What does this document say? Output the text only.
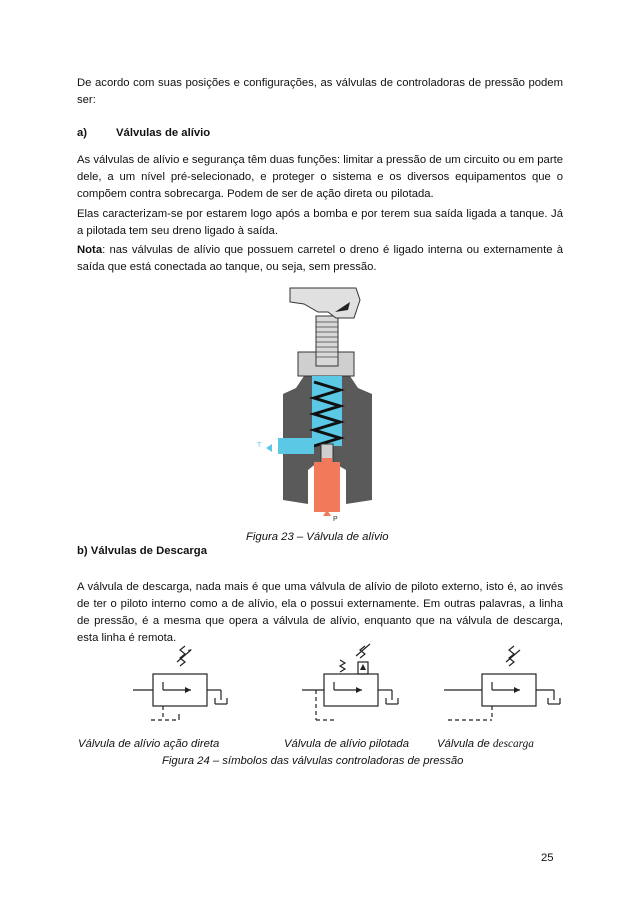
De acordo com suas posições e configurações, as válvulas de controladoras de pressão podem ser:

a)	Válvulas de alívio

As válvulas de alívio e segurança têm duas funções: limitar a pressão de um circuito ou em parte dele, a um nível pré-selecionado, e proteger o sistema e os diversos equipamentos que o compõem contra sobrecarga. Podem de ser de ação direta ou pilotada.

Elas caracterizam-se por estarem logo após a bomba e por terem sua saída ligada a tanque. Já a pilotada tem seu dreno ligado à saída.

Nota: nas válvulas de alívio que possuem carretel o dreno é ligado interna ou externamente à saída que está conectada ao tanque, ou seja, sem pressão.

T
P

Figura 23 – Válvula de alívio

b) Válvulas de Descarga

A válvula de descarga, nada mais é que uma válvula de alívio de piloto externo, isto é, ao invés de ter o piloto interno como a de alívio, ela o possui externamente. Em outras palavras, a linha de pressão, é a mesma que opera a válvula de alívio, enquanto que na válvula de descarga, esta linha é remota.

Válvula de alívio ação direta	Válvula de alívio pilotada Válvula de descarga

Figura 24 – símbolos das válvulas controladoras de pressão

25
